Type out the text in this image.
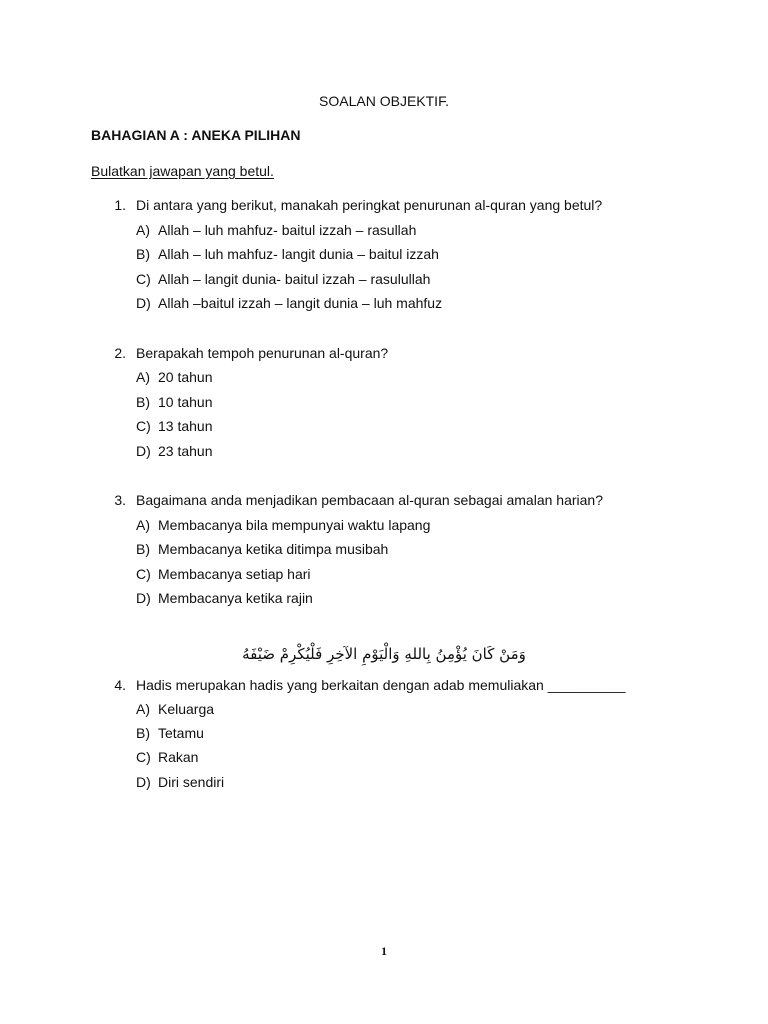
SOALAN OBJEKTIF.
BAHAGIAN A : ANEKA PILIHAN
Bulatkan jawapan yang betul.
1. Di antara yang berikut, manakah peringkat penurunan al-quran yang betul?
A) Allah – luh mahfuz- baitul izzah – rasullah
B) Allah – luh mahfuz- langit dunia – baitul izzah
C) Allah – langit dunia- baitul izzah – rasulullah
D) Allah –baitul izzah – langit dunia – luh mahfuz
2. Berapakah tempoh penurunan al-quran?
A) 20 tahun
B) 10 tahun
C) 13 tahun
D) 23 tahun
3. Bagaimana anda menjadikan pembacaan al-quran sebagai amalan harian?
A) Membacanya bila mempunyai waktu lapang
B) Membacanya ketika ditimpa musibah
C) Membacanya setiap hari
D) Membacanya ketika rajin
وَمَنْ كَانَ يُؤْمِنُ بِاللهِ وَالْيَوْمِ الآخِرِ فَلْيُكْرِمْ ضَيْفَهُ
4. Hadis merupakan hadis yang berkaitan dengan adab memuliakan __________
A) Keluarga
B) Tetamu
C) Rakan
D) Diri sendiri
1
